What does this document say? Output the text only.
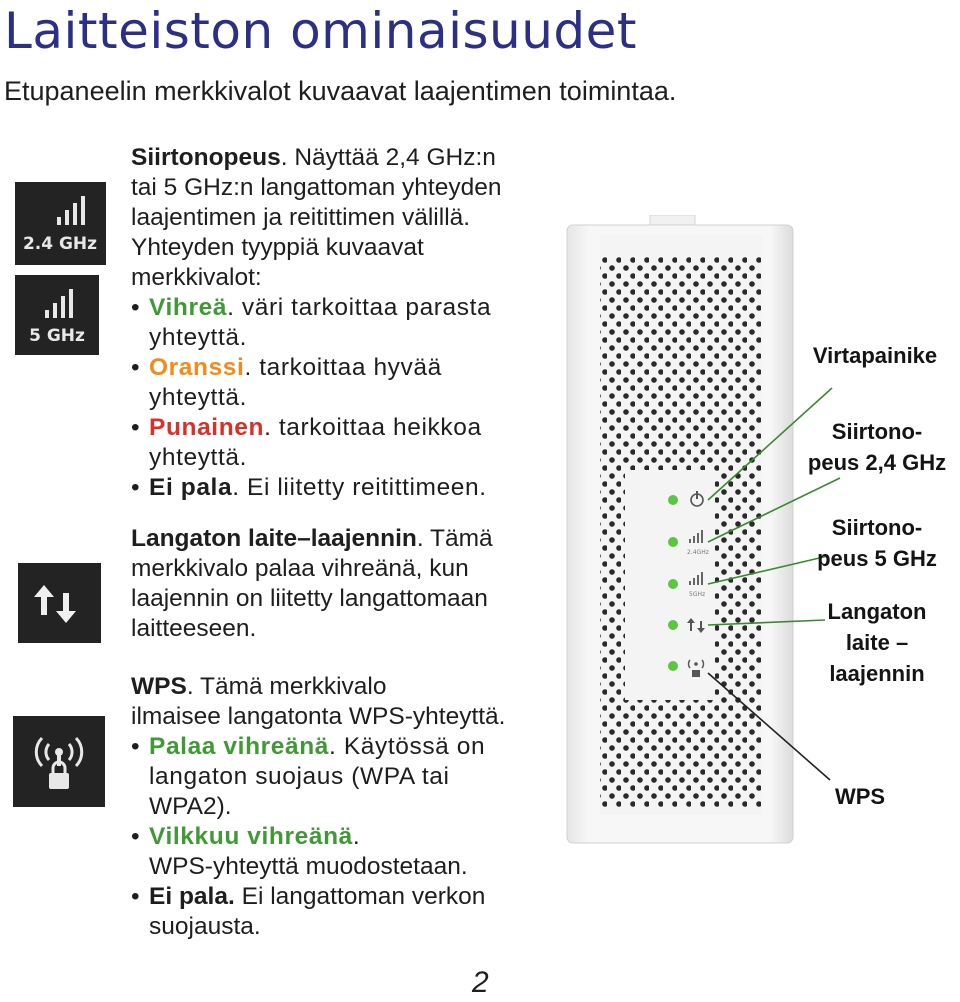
Laitteiston ominaisuudet
Etupaneelin merkkivalot kuvaavat laajentimen toimintaa.
2.4 GHz
5 GHz
Siirtonopeus. Näyttää 2,4 GHz:n
tai 5 GHz:n langattoman yhteyden
laajentimen ja reitittimen välillä.
Yhteyden tyyppiä kuvaavat
merkkivalot:
• Vihreä. väri tarkoittaa parasta
yhteyttä.
• Oranssi. tarkoittaa hyvää
yhteyttä.
• Punainen. tarkoittaa heikkoa
yhteyttä.
• Ei pala. Ei liitetty reitittimeen.
Langaton laite–laajennin. Tämä
merkkivalo palaa vihreänä, kun
laajennin on liitetty langattomaan
laitteeseen.
WPS. Tämä merkkivalo
ilmaisee langatonta WPS-yhteyttä.
• Palaa vihreänä. Käytössä on
langaton suojaus (WPA tai
WPA2).
• Vilkkuu vihreänä.
WPS-yhteyttä muodostetaan.
• Ei pala. Ei langattoman verkon
suojausta.
2.4GHz
5GHz
Virtapainike
Siirtono-
peus 2,4 GHz
Siirtono-
peus 5 GHz
Langaton
laite –
laajennin
WPS
2
